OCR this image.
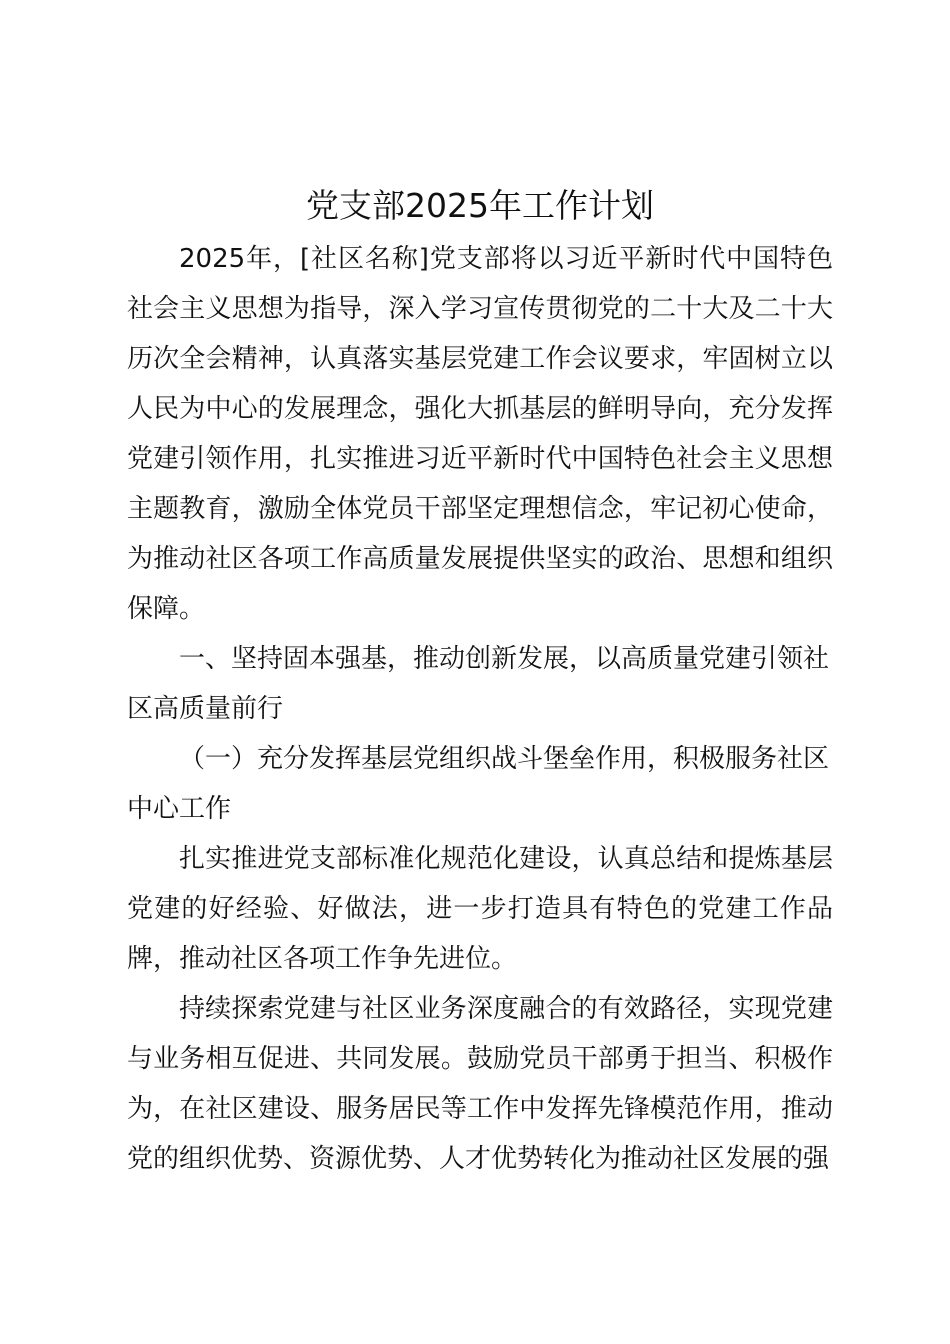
党支部2025年工作计划

2025年，[社区名称]党支部将以习近平新时代中国特色社会主义思想为指导，深入学习宣传贯彻党的二十大及二十大历次全会精神，认真落实基层党建工作会议要求，牢固树立以人民为中心的发展理念，强化大抓基层的鲜明导向，充分发挥党建引领作用，扎实推进习近平新时代中国特色社会主义思想主题教育，激励全体党员干部坚定理想信念，牢记初心使命，为推动社区各项工作高质量发展提供坚实的政治、思想和组织保障。

一、坚持固本强基，推动创新发展，以高质量党建引领社区高质量前行

（一）充分发挥基层党组织战斗堡垒作用，积极服务社区中心工作

扎实推进党支部标准化规范化建设，认真总结和提炼基层党建的好经验、好做法，进一步打造具有特色的党建工作品牌，推动社区各项工作争先进位。

持续探索党建与社区业务深度融合的有效路径，实现党建与业务相互促进、共同发展。鼓励党员干部勇于担当、积极作为，在社区建设、服务居民等工作中发挥先锋模范作用，推动党的组织优势、资源优势、人才优势转化为推动社区发展的强
